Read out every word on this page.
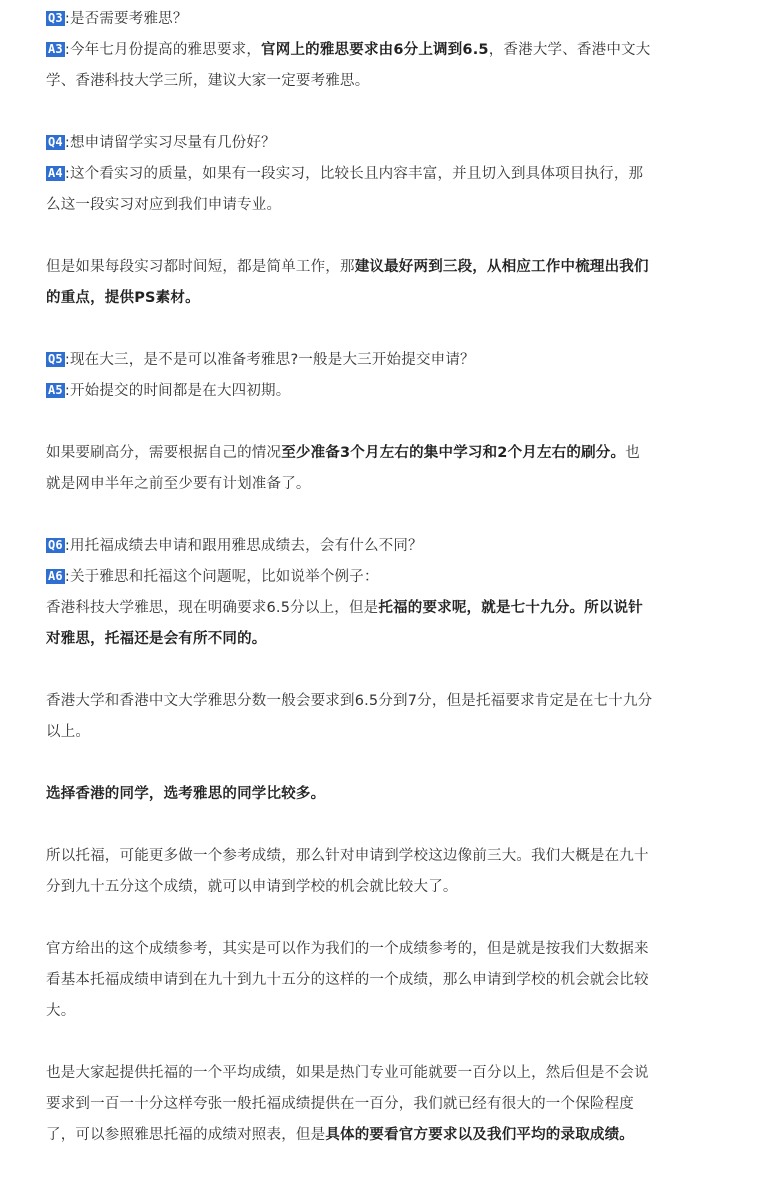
Q3 :是否需要考雅思？
A3 :今年七月份提高的雅思要求，官网上的雅思要求由6分上调到6.5，香港大学、香港中文大
学、香港科技大学三所，建议大家一定要考雅思。
Q4 :想申请留学实习尽量有几份好？
A4 :这个看实习的质量，如果有一段实习，比较长且内容丰富，并且切入到具体项目执行，那
么这一段实习对应到我们申请专业。
但是如果每段实习都时间短，都是简单工作，那建议最好两到三段，从相应工作中梳理出我们
的重点，提供PS素材。
Q5 :现在大三，是不是可以准备考雅思?一般是大三开始提交申请？
A5 :开始提交的时间都是在大四初期。
如果要刷高分，需要根据自己的情况至少准备3个月左右的集中学习和2个月左右的刷分。也
就是网申半年之前至少要有计划准备了。
Q6 :用托福成绩去申请和跟用雅思成绩去，会有什么不同？
A6 :关于雅思和托福这个问题呢，比如说举个例子：
香港科技大学雅思，现在明确要求6.5分以上，但是托福的要求呢，就是七十九分。所以说针
对雅思，托福还是会有所不同的。
香港大学和香港中文大学雅思分数一般会要求到6.5分到7分，但是托福要求肯定是在七十九分
以上。
选择香港的同学，选考雅思的同学比较多。
所以托福，可能更多做一个参考成绩，那么针对申请到学校这边像前三大。我们大概是在九十
分到九十五分这个成绩，就可以申请到学校的机会就比较大了。
官方给出的这个成绩参考，其实是可以作为我们的一个成绩参考的，但是就是按我们大数据来
看基本托福成绩申请到在九十到九十五分的这样的一个成绩，那么申请到学校的机会就会比较
大。
也是大家起提供托福的一个平均成绩，如果是热门专业可能就要一百分以上，然后但是不会说
要求到一百一十分这样夸张一般托福成绩提供在一百分，我们就已经有很大的一个保险程度
了，可以参照雅思托福的成绩对照表，但是具体的要看官方要求以及我们平均的录取成绩。
